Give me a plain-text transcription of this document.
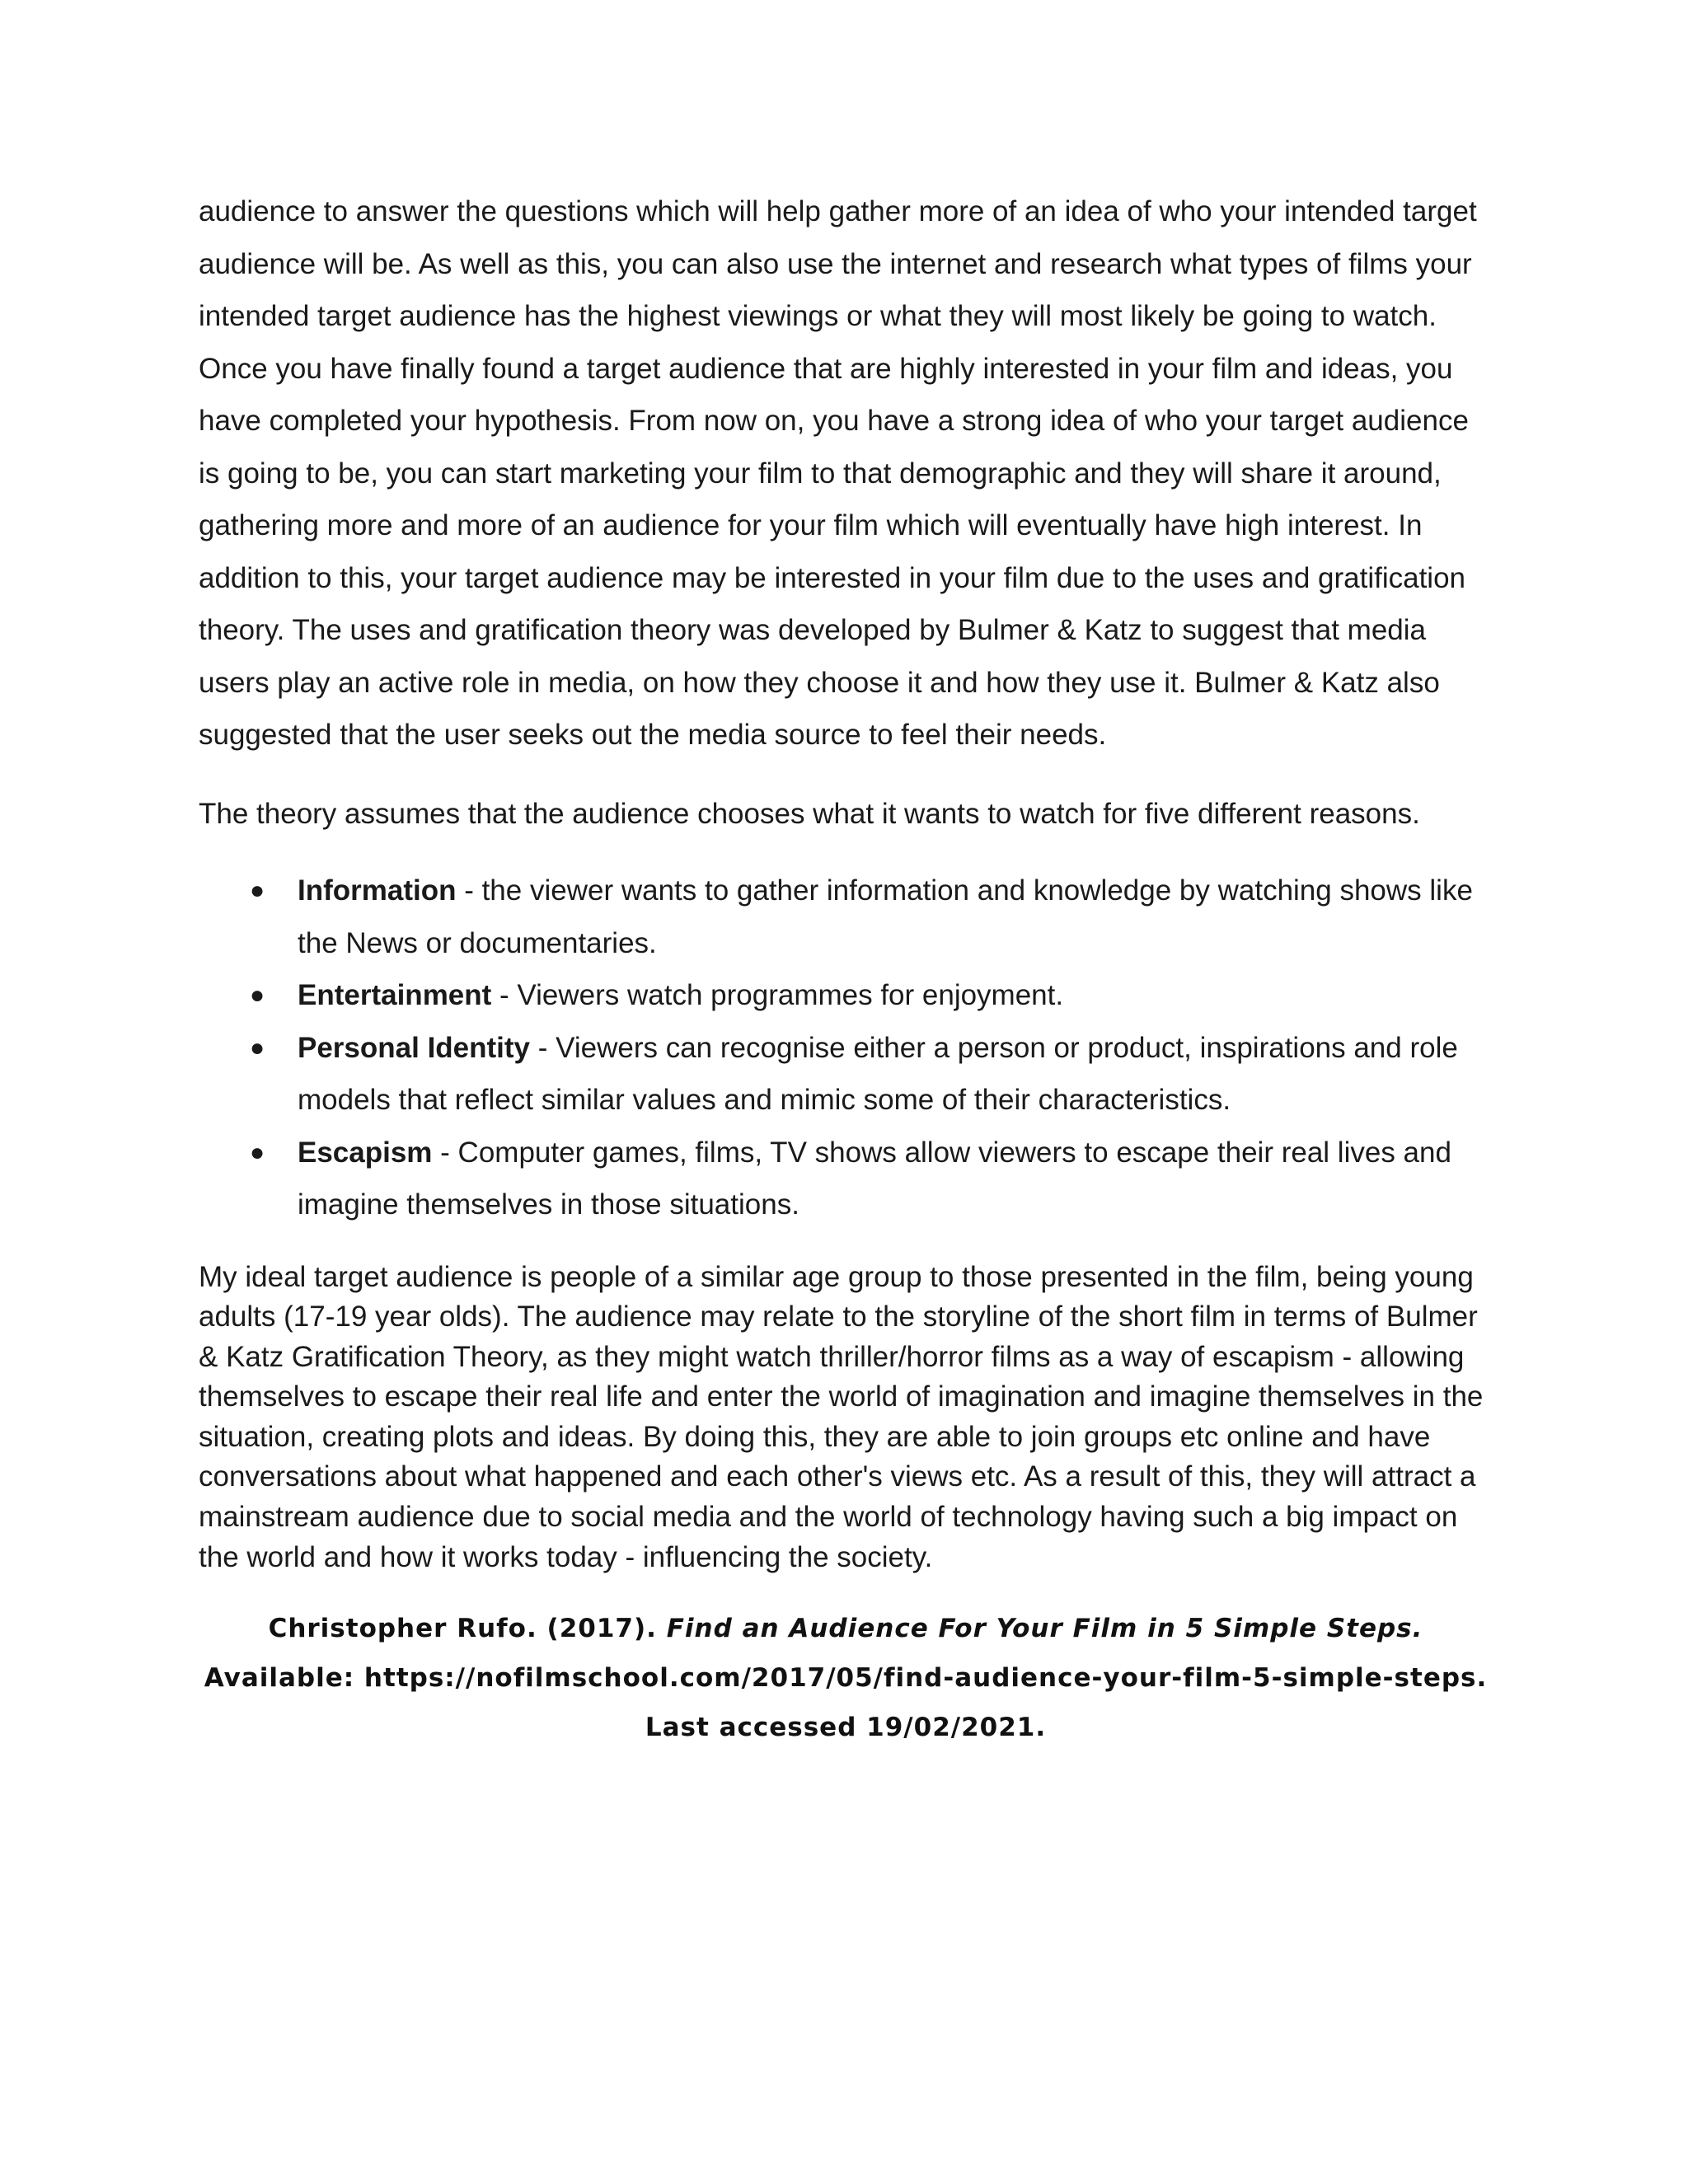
audience to answer the questions which will help gather more of an idea of who your intended target audience will be. As well as this, you can also use the internet and research what types of films your intended target audience has the highest viewings or what they will most likely be going to watch. Once you have finally found a target audience that are highly interested in your film and ideas, you have completed your hypothesis. From now on, you have a strong idea of who your target audience is going to be, you can start marketing your film to that demographic and they will share it around, gathering more and more of an audience for your film which will eventually have high interest. In addition to this, your target audience may be interested in your film due to the uses and gratification theory. The uses and gratification theory was developed by Bulmer & Katz to suggest that media users play an active role in media, on how they choose it and how they use it. Bulmer & Katz also suggested that the user seeks out the media source to feel their needs.

The theory assumes that the audience chooses what it wants to watch for five different reasons.

● Information - the viewer wants to gather information and knowledge by watching shows like the News or documentaries.
● Entertainment - Viewers watch programmes for enjoyment.
● Personal Identity - Viewers can recognise either a person or product, inspirations and role models that reflect similar values and mimic some of their characteristics.
● Escapism - Computer games, films, TV shows allow viewers to escape their real lives and imagine themselves in those situations.

My ideal target audience is people of a similar age group to those presented in the film, being young adults (17-19 year olds). The audience may relate to the storyline of the short film in terms of Bulmer & Katz Gratification Theory, as they might watch thriller/horror films as a way of escapism - allowing themselves to escape their real life and enter the world of imagination and imagine themselves in the situation, creating plots and ideas. By doing this, they are able to join groups etc online and have conversations about what happened and each other's views etc. As a result of this, they will attract a mainstream audience due to social media and the world of technology having such a big impact on the world and how it works today - influencing the society.

Christopher Rufo. (2017). Find an Audience For Your Film in 5 Simple Steps. Available: https://nofilmschool.com/2017/05/find-audience-your-film-5-simple-steps. Last accessed 19/02/2021.
